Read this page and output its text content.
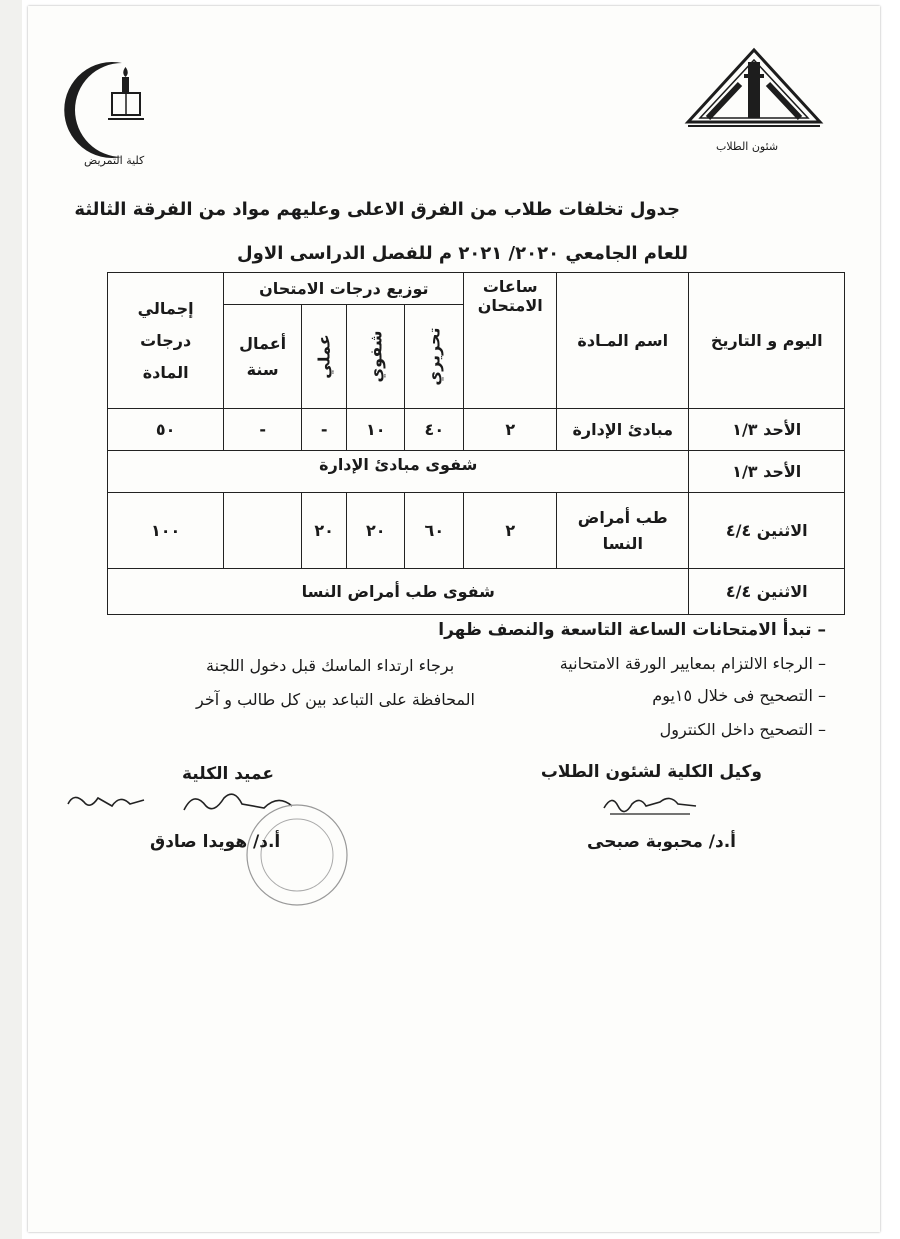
كلية التمريض
شئون الطلاب
جدول تخلفات طلاب من الفرق الاعلى وعليهم مواد من الفرقة الثالثة
للعام الجامعي ٢٠٢٠/ ٢٠٢١ م للفصل الدراسى الاول
اليوم و التاريخ	اسم المـادة	ساعات الامتحان	توزيع درجات الامتحان				إجمالي درجات المادة
			تحريري	شفوي	عملي	أعمال سنة	
الأحد ١/٣	مبادئ الإدارة	٢	٤٠	١٠	-	-	٥٠
الأحد ١/٣	شفوى مبادئ الإدارة						
الاثنين ٤/٤	طب أمراض النسا	٢	٦٠	٢٠	٢٠		١٠٠
الاثنين ٤/٤	شفوى طب أمراض النسا						
– تبدأ الامتحانات الساعة التاسعة والنصف ظهرا
– الرجاء الالتزام بمعايير الورقة الامتحانية
برجاء ارتداء الماسك قبل دخول اللجنة
– التصحيح فى خلال ١٥يوم
المحافظة على التباعد بين كل طالب و آخر
– التصحيح داخل الكنترول
وكيل الكلية لشئون الطلاب
أ.د/ محبوبة صبحى
عميد الكلية
أ.د/ هويدا صادق
